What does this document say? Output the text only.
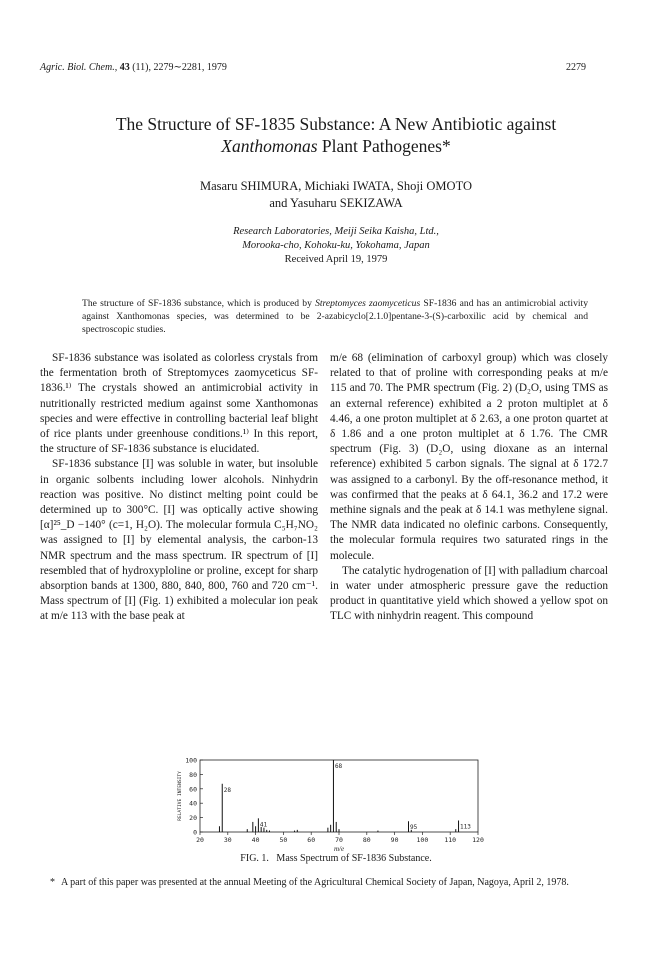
Agric. Biol. Chem., 43 (11), 2279∼2281, 1979	2279
The Structure of SF-1835 Substance: A New Antibiotic against
Xanthomonas Plant Pathogenes*
Masaru SHIMURA, Michiaki IWATA, Shoji OMOTO
and Yasuharu SEKIZAWA
Research Laboratories, Meiji Seika Kaisha, Ltd.,
Morooka-cho, Kohoku-ku, Yokohama, Japan
Received April 19, 1979
The structure of SF-1836 substance, which is produced by Streptomyces zaomyceticus SF-1836 and has an antimicrobial activity against Xanthomonas species, was determined to be 2-azabicyclo[2.1.0]pentane-3-(S)-carboxilic acid by chemical and spectroscopic studies.

SF-1836 substance was isolated as colorless crystals from the fermentation broth of Streptomyces zaomyceticus SF-1836.¹⁾ The crystals showed an antimicrobial activity in nutritionally restricted medium against some Xanthomonas species and were effective in controlling bacterial leaf blight of rice plants under greenhouse conditions.¹⁾ In this report, the structure of SF-1836 substance is elucidated.

SF-1836 substance [I] was soluble in water, but insoluble in organic solbents including lower alcohols. Ninhydrin reaction was positive. No distinct melting point could be determined up to 300°C. [I] was optically active showing [α]²⁵_D −140° (c=1, H₂O). The molecular formula C₅H₇NO₂ was assigned to [I] by elemental analysis, the carbon-13 NMR spectrum and the mass spectrum. IR spectrum of [I] resembled that of hydroxyploline or proline, except for sharp absorption bands at 1300, 880, 840, 800, 760 and 720 cm⁻¹. Mass spectrum of [I] (Fig. 1) exhibited a molecular ion peak at m/e 113 with the base peak at

m/e 68 (elimination of carboxyl group) which was closely related to that of proline with corresponding peaks at m/e 115 and 70. The PMR spectrum (Fig. 2) (D₂O, using TMS as an external reference) exhibited a 2 proton multiplet at δ 4.46, a one proton multiplet at δ 2.63, a one proton quartet at δ 1.86 and a one proton multiplet at δ 1.76. The CMR spectrum (Fig. 3) (D₂O, using dioxane as an internal reference) exhibited 5 carbon signals. The signal at δ 172.7 was assigned to a carbonyl. By the off-resonance method, it was confirmed that the peaks at δ 64.1, 36.2 and 17.2 were methine signals and the peak at δ 14.1 was methylene signal. The NMR data indicated no olefinic carbons. Consequently, the molecular formula requires two saturated rings in the molecule.

The catalytic hydrogenation of [I] with palladium charcoal in water under atmospheric pressure gave the reduction product in quantitative yield which showed a yellow spot on TLC with ninhydrin reagent. This compound

0
20
40
60
80
100
20	30	40	50	60	70	80	90	100 110 120
m/e
RELATIVE INTENSITY	28
41
68
95	113
FIG. 1. Mass Spectrum of SF-1836 Substance.
* A part of this paper was presented at the annual Meeting of the Agricultural Chemical Society of Japan, Nagoya, April 2, 1978.
